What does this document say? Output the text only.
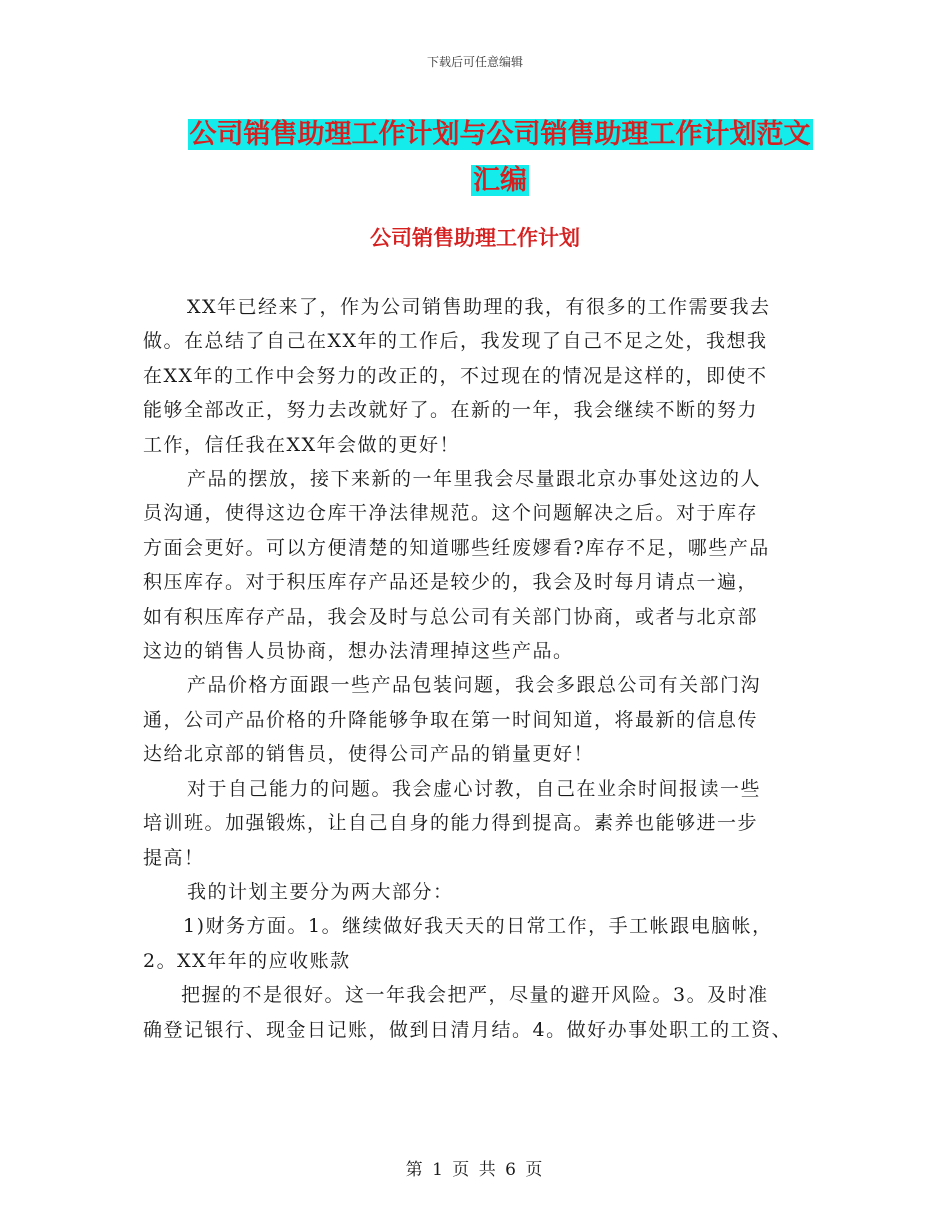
下载后可任意编辑
公司销售助理工作计划与公司销售助理工作计划范文
汇编
公司销售助理工作计划

XX年已经来了，作为公司销售助理的我，有很多的工作需要我去

做。在总结了自己在XX年的工作后，我发现了自己不足之处，我想我

在XX年的工作中会努力的改正的，不过现在的情况是这样的，即使不

能够全部改正，努力去改就好了。在新的一年，我会继续不断的努力

工作，信任我在XX年会做的更好！

产品的摆放，接下来新的一年里我会尽量跟北京办事处这边的人

员沟通，使得这边仓库干净法律规范。这个问题解决之后。对于库存

方面会更好。可以方便清楚的知道哪些纴废嫪看?库存不足，哪些产品

积压库存。对于积压库存产品还是较少的，我会及时每月请点一遍，

如有积压库存产品，我会及时与总公司有关部门协商，或者与北京部

这边的销售人员协商，想办法清理掉这些产品。

产品价格方面跟一些产品包装问题，我会多跟总公司有关部门沟

通，公司产品价格的升降能够争取在第一时间知道，将最新的信息传

达给北京部的销售员，使得公司产品的销量更好！

对于自己能力的问题。我会虚心讨教，自己在业余时间报读一些

培训班。加强锻炼，让自己自身的能力得到提高。素养也能够进一步

提高！

我的计划主要分为两大部分：

1)财务方面。1。继续做好我天天的日常工作，手工帐跟电脑帐，

2。XX年年的应收账款

把握的不是很好。这一年我会把严，尽量的避开风险。3。及时准

确登记银行、现金日记账，做到日清月结。4。做好办事处职工的工资、

第 1 页 共 6 页
